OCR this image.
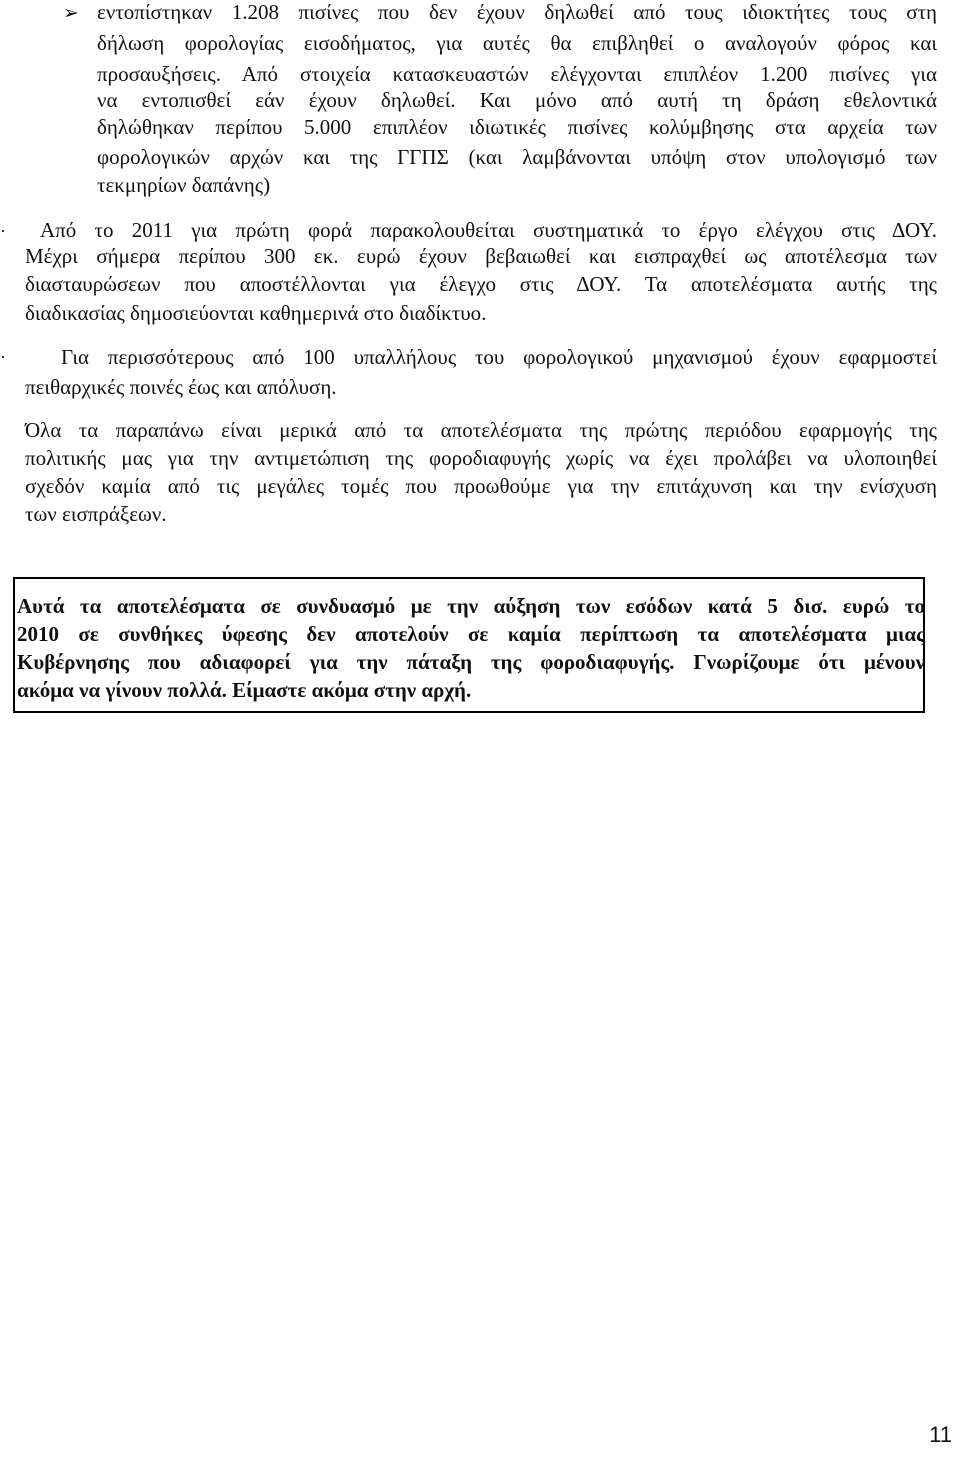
➢ εντοπίστηκαν 1.208 πισίνες που δεν έχουν δηλωθεί από τους ιδιοκτήτες τους στη
δήλωση φορολογίας εισοδήματος, για αυτές θα επιβληθεί ο αναλογούν φόρος και
προσαυξήσεις. Από στοιχεία κατασκευαστών ελέγχονται επιπλέον 1.200 πισίνες για
να εντοπισθεί εάν έχουν δηλωθεί. Και μόνο από αυτή τη δράση εθελοντικά
δηλώθηκαν περίπου 5.000 επιπλέον ιδιωτικές πισίνες κολύμβησης στα αρχεία των
φορολογικών αρχών και της ΓΓΠΣ (και λαμβάνονται υπόψη στον υπολογισμό των
τεκμηρίων δαπάνης)
· Από το 2011 για πρώτη φορά παρακολουθείται συστηματικά το έργο ελέγχου στις ΔΟΥ.
Μέχρι σήμερα περίπου 300 εκ. ευρώ έχουν βεβαιωθεί και εισπραχθεί ως αποτέλεσμα των
διασταυρώσεων που αποστέλλονται για έλεγχο στις ΔΟΥ. Τα αποτελέσματα αυτής της
διαδικασίας δημοσιεύονται καθημερινά στο διαδίκτυο.
·	Για περισσότερους από 100 υπαλλήλους του φορολογικού μηχανισμού έχουν εφαρμοστεί
πειθαρχικές ποινές έως και απόλυση.
Όλα τα παραπάνω είναι μερικά από τα αποτελέσματα της πρώτης περιόδου εφαρμογής της
πολιτικής μας για την αντιμετώπιση της φοροδιαφυγής χωρίς να έχει προλάβει να υλοποιηθεί
σχεδόν καμία από τις μεγάλες τομές που προωθούμε για την επιτάχυνση και την ενίσχυση
των εισπράξεων.
Αυτά τα αποτελέσματα σε συνδυασμό με την αύξηση των εσόδων κατά 5 δισ. ευρώ το
2010 σε συνθήκες ύφεσης δεν αποτελούν σε καμία περίπτωση τα αποτελέσματα μιας
Κυβέρνησης που αδιαφορεί για την πάταξη της φοροδιαφυγής. Γνωρίζουμε ότι μένουν
ακόμα να γίνουν πολλά. Είμαστε ακόμα στην αρχή.
11
